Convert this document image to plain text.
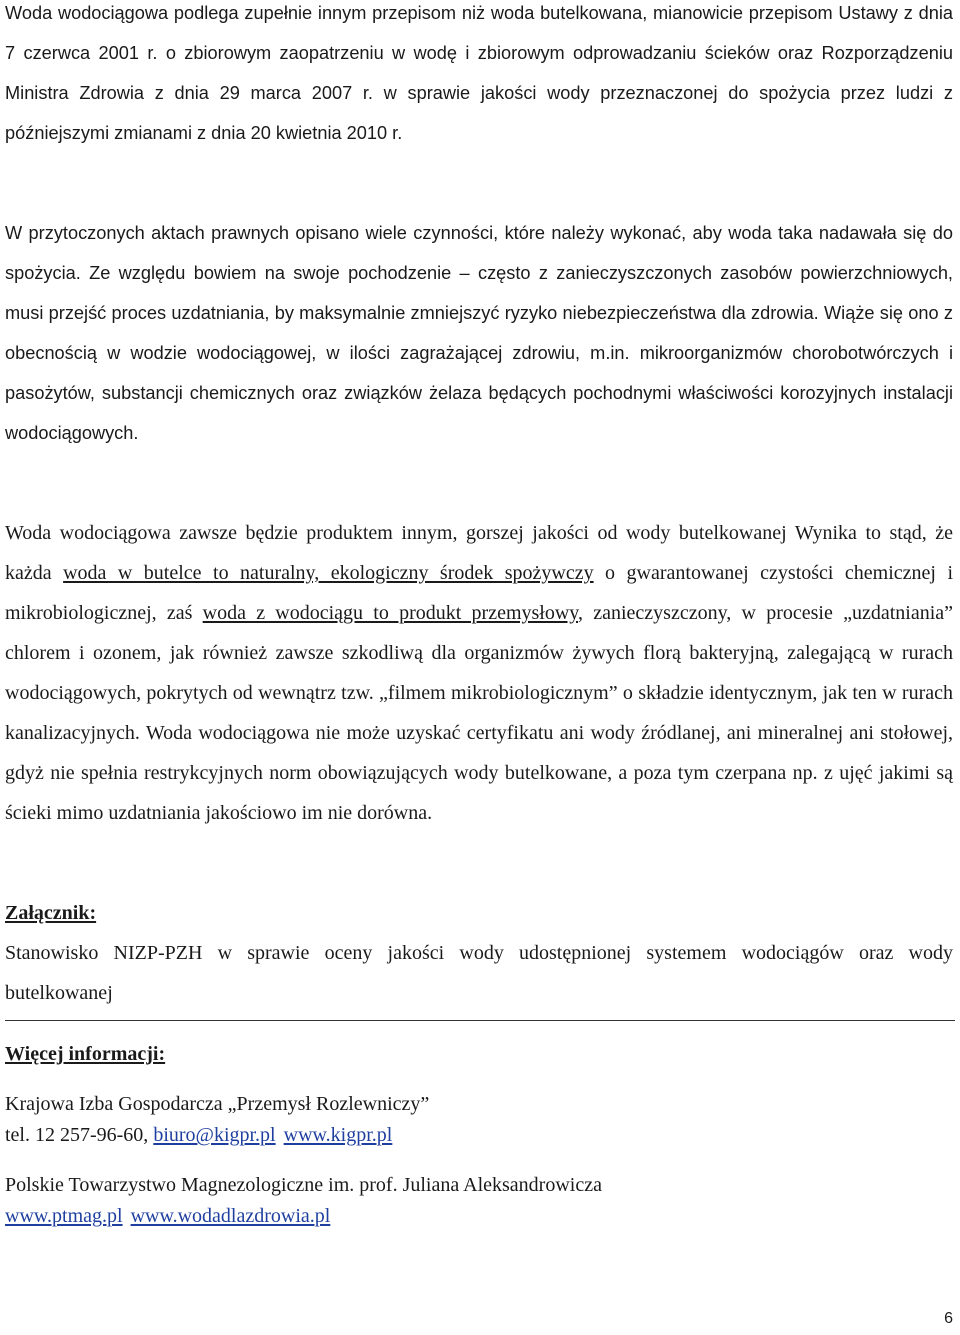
Woda wodociągowa podlega zupełnie innym przepisom niż woda butelkowana, mianowicie przepisom Ustawy z dnia 7 czerwca 2001 r. o zbiorowym zaopatrzeniu w wodę i zbiorowym odprowadzaniu ścieków oraz Rozporządzeniu Ministra Zdrowia z dnia 29 marca 2007 r. w sprawie jakości wody przeznaczonej do spożycia przez ludzi z późniejszymi zmianami z dnia 20 kwietnia 2010 r.

W przytoczonych aktach prawnych opisano wiele czynności, które należy wykonać, aby woda taka nadawała się do spożycia. Ze względu bowiem na swoje pochodzenie – często z zanieczyszczonych zasobów powierzchniowych, musi przejść proces uzdatniania, by maksymalnie zmniejszyć ryzyko niebezpieczeństwa dla zdrowia. Wiąże się ono z obecnością w wodzie wodociągowej, w ilości zagrażającej zdrowiu, m.in. mikroorganizmów chorobotwórczych i pasożytów, substancji chemicznych oraz związków żelaza będących pochodnymi właściwości korozyjnych instalacji wodociągowych.

Woda wodociągowa zawsze będzie produktem innym, gorszej jakości od wody butelkowanej Wynika to stąd, że każda woda w butelce to naturalny, ekologiczny środek spożywczy o gwarantowanej czystości chemicznej i mikrobiologicznej, zaś woda z wodociągu to produkt przemysłowy, zanieczyszczony, w procesie „uzdatniania” chlorem i ozonem, jak również zawsze szkodliwą dla organizmów żywych florą bakteryjną, zalegającą w rurach wodociągowych, pokrytych od wewnątrz tzw. „filmem mikrobiologicznym” o składzie identycznym, jak ten w rurach kanalizacyjnych. Woda wodociągowa nie może uzyskać certyfikatu ani wody źródlanej, ani mineralnej ani stołowej, gdyż nie spełnia restrykcyjnych norm obowiązujących wody butelkowane, a poza tym czerpana np. z ujęć jakimi są ścieki mimo uzdatniania jakościowo im nie dorówna.

Załącznik:

Stanowisko NIZP-PZH w sprawie oceny jakości wody udostępnionej systemem wodociągów oraz wody butelkowanej

Więcej informacji:
Krajowa Izba Gospodarcza „Przemysł Rozlewniczy”
tel. 12 257-96-60, biuro@kigpr.pl www.kigpr.pl
Polskie Towarzystwo Magnezologiczne im. prof. Juliana Aleksandrowicza
www.ptmag.pl www.wodadlazdrowia.pl
6
